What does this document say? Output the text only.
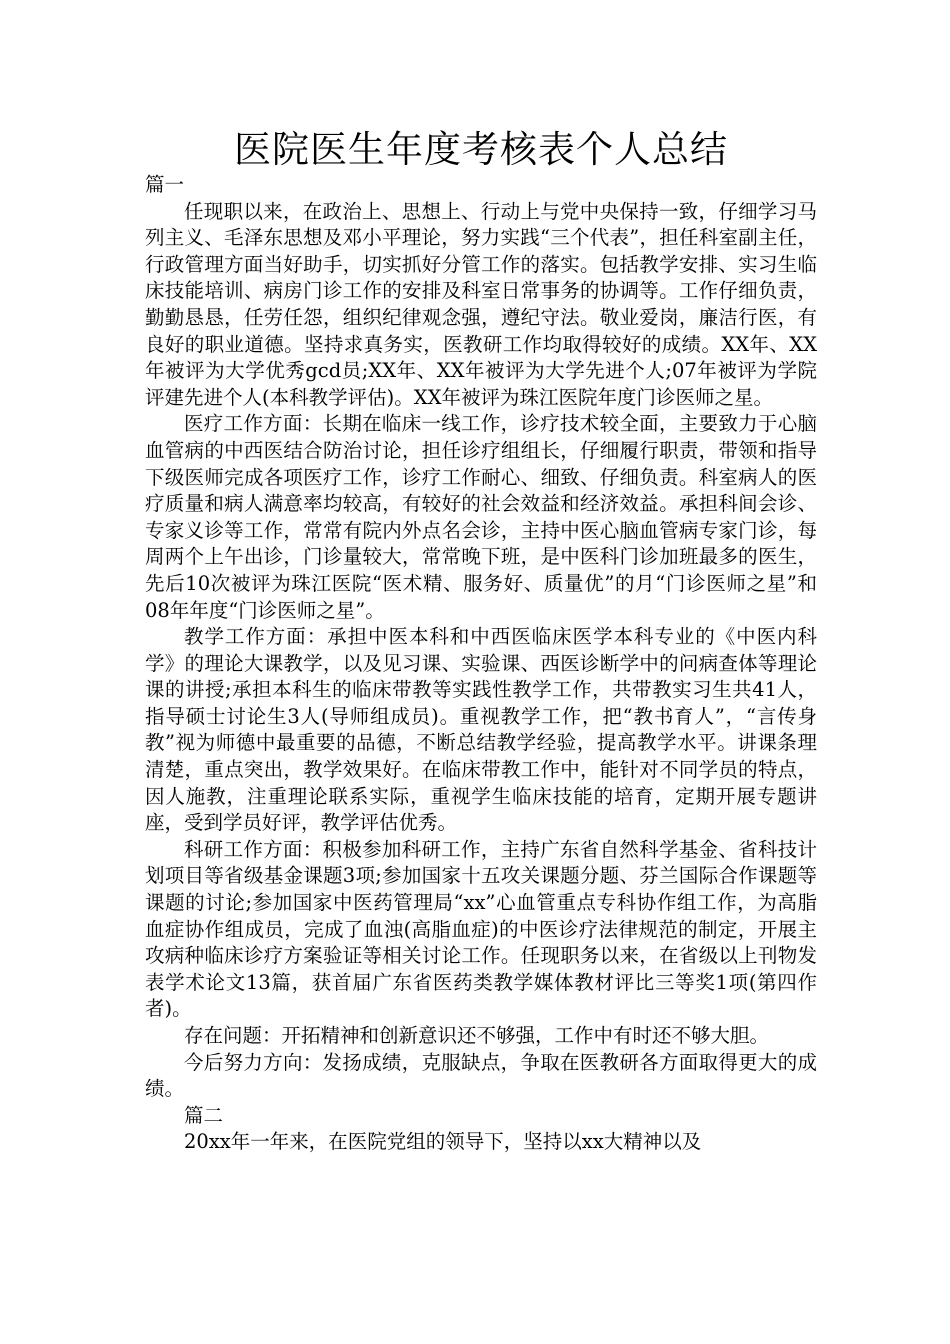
医院医生年度考核表个人总结

篇一

任现职以来，在政治上、思想上、行动上与党中央保持一致，仔细学习马列主义、毛泽东思想及邓小平理论，努力实践“三个代表”，担任科室副主任，行政管理方面当好助手，切实抓好分管工作的落实。包括教学安排、实习生临床技能培训、病房门诊工作的安排及科室日常事务的协调等。工作仔细负责，勤勤恳恳，任劳任怨，组织纪律观念强，遵纪守法。敬业爱岗，廉洁行医，有良好的职业道德。坚持求真务实，医教研工作均取得较好的成绩。XX年、XX年被评为大学优秀gcd员;XX年、XX年被评为大学先进个人;07年被评为学院评建先进个人(本科教学评估)。XX年被评为珠江医院年度门诊医师之星。

医疗工作方面：长期在临床一线工作，诊疗技术较全面，主要致力于心脑血管病的中西医结合防治讨论，担任诊疗组组长，仔细履行职责，带领和指导下级医师完成各项医疗工作，诊疗工作耐心、细致、仔细负责。科室病人的医疗质量和病人满意率均较高，有较好的社会效益和经济效益。承担科间会诊、专家义诊等工作，常常有院内外点名会诊，主持中医心脑血管病专家门诊，每周两个上午出诊，门诊量较大，常常晚下班，是中医科门诊加班最多的医生，先后10次被评为珠江医院“医术精、服务好、质量优”的月“门诊医师之星”和08年年度“门诊医师之星”。

教学工作方面：承担中医本科和中西医临床医学本科专业的《中医内科学》的理论大课教学，以及见习课、实验课、西医诊断学中的问病查体等理论课的讲授;承担本科生的临床带教等实践性教学工作，共带教实习生共41人，指导硕士讨论生3人(导师组成员)。重视教学工作，把“教书育人”，“言传身教”视为师德中最重要的品德，不断总结教学经验，提高教学水平。讲课条理清楚，重点突出，教学效果好。在临床带教工作中，能针对不同学员的特点，因人施教，注重理论联系实际，重视学生临床技能的培育，定期开展专题讲座，受到学员好评，教学评估优秀。

科研工作方面：积极参加科研工作，主持广东省自然科学基金、省科技计划项目等省级基金课题3项;参加国家十五攻关课题分题、芬兰国际合作课题等课题的讨论;参加国家中医药管理局“xx”心血管重点专科协作组工作，为高脂血症协作组成员，完成了血浊(高脂血症)的中医诊疗法律规范的制定，开展主攻病种临床诊疗方案验证等相关讨论工作。任现职务以来，在省级以上刊物发表学术论文13篇，获首届广东省医药类教学媒体教材评比三等奖1项(第四作者)。

存在问题：开拓精神和创新意识还不够强，工作中有时还不够大胆。

今后努力方向：发扬成绩，克服缺点，争取在医教研各方面取得更大的成绩。

篇二

20xx年一年来，在医院党组的领导下，坚持以xx大精神以及
